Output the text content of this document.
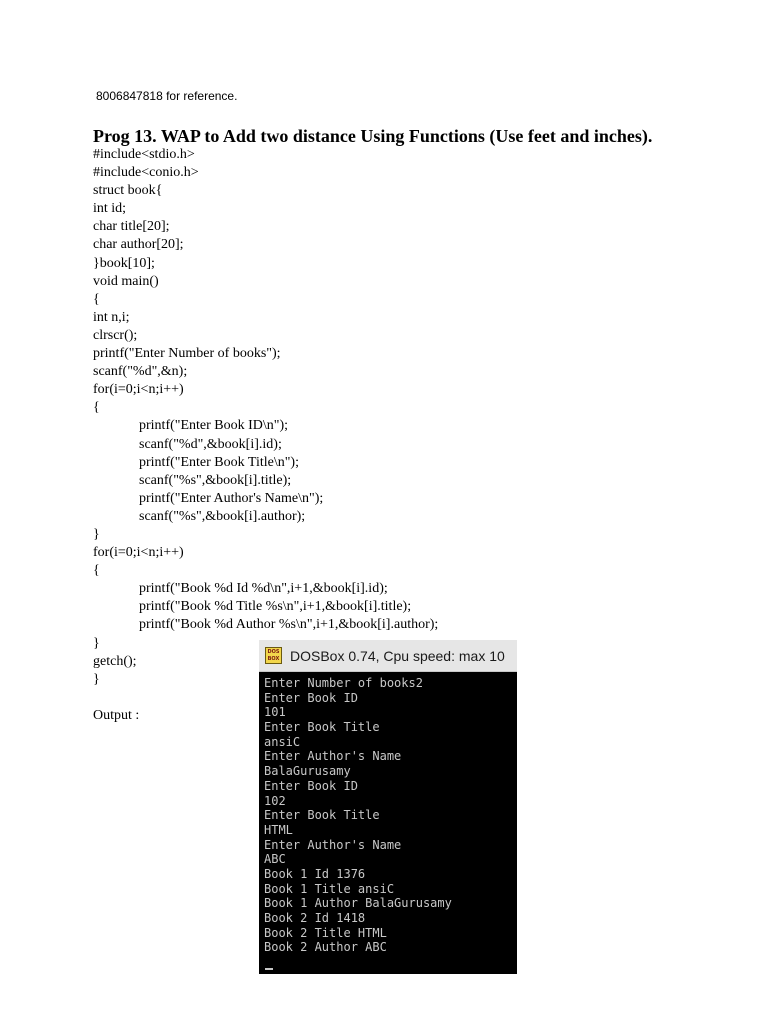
8006847818 for reference.
Prog 13. WAP to Add two distance Using Functions (Use feet and inches).
#include<stdio.h>
#include<conio.h>
struct book{
int id;
char title[20];
char author[20];
}book[10];
void main()
{
int n,i;
clrscr();
printf("Enter Number of books");
scanf("%d",&n);
for(i=0;i<n;i++)
{
printf("Enter Book ID\n");
scanf("%d",&book[i].id);
printf("Enter Book Title\n");
scanf("%s",&book[i].title);
printf("Enter Author's Name\n");
scanf("%s",&book[i].author);
}
for(i=0;i<n;i++)
{
printf("Book %d Id %d\n",i+1,&book[i].id);
printf("Book %d Title %s\n",i+1,&book[i].title);
printf("Book %d Author %s\n",i+1,&book[i].author);
}
getch();
}
Output :
DOS BOX DOSBox 0.74, Cpu speed: max 10
Enter Number of books2
Enter Book ID
101
Enter Book Title
ansiC
Enter Author's Name
BalaGurusamy
Enter Book ID
102
Enter Book Title
HTML
Enter Author's Name
ABC
Book 1 Id 1376
Book 1 Title ansiC
Book 1 Author BalaGurusamy
Book 2 Id 1418
Book 2 Title HTML
Book 2 Author ABC
